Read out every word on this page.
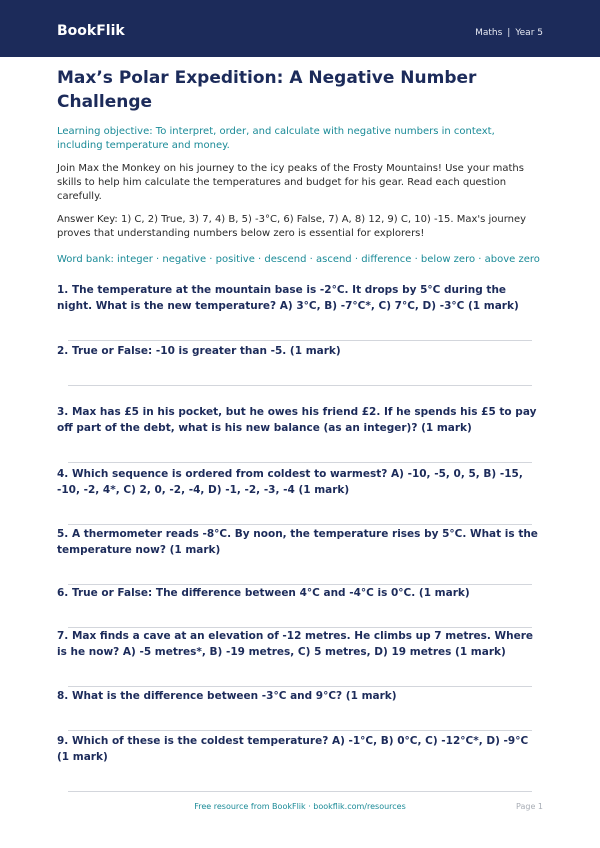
BookFlik	Maths | Year 5
Max’s Polar Expedition: A Negative Number Challenge

Learning objective: To interpret, order, and calculate with negative numbers in context, including temperature and money.

Join Max the Monkey on his journey to the icy peaks of the Frosty Mountains! Use your maths skills to help him calculate the temperatures and budget for his gear. Read each question carefully.

Answer Key: 1) C, 2) True, 3) 7, 4) B, 5) -3°C, 6) False, 7) A, 8) 12, 9) C, 10) -15. Max's journey proves that understanding numbers below zero is essential for explorers!

Word bank: integer · negative · positive · descend · ascend · difference · below zero · above zero

1. The temperature at the mountain base is -2°C. It drops by 5°C during the night. What is the new temperature? A) 3°C, B) -7°C*, C) 7°C, D) -3°C (1 mark)
2. True or False: -10 is greater than -5. (1 mark)
3. Max has £5 in his pocket, but he owes his friend £2. If he spends his £5 to pay off part of the debt, what is his new balance (as an integer)? (1 mark)
4. Which sequence is ordered from coldest to warmest? A) -10, -5, 0, 5, B) -15, -10, -2, 4*, C) 2, 0, -2, -4, D) -1, -2, -3, -4 (1 mark)
5. A thermometer reads -8°C. By noon, the temperature rises by 5°C. What is the temperature now? (1 mark)
6. True or False: The difference between 4°C and -4°C is 0°C. (1 mark)
7. Max finds a cave at an elevation of -12 metres. He climbs up 7 metres. Where is he now? A) -5 metres*, B) -19 metres, C) 5 metres, D) 19 metres (1 mark)
8. What is the difference between -3°C and 9°C? (1 mark)
9. Which of these is the coldest temperature? A) -1°C, B) 0°C, C) -12°C*, D) -9°C (1 mark)
Free resource from BookFlik · bookflik.com/resources	Page 1
